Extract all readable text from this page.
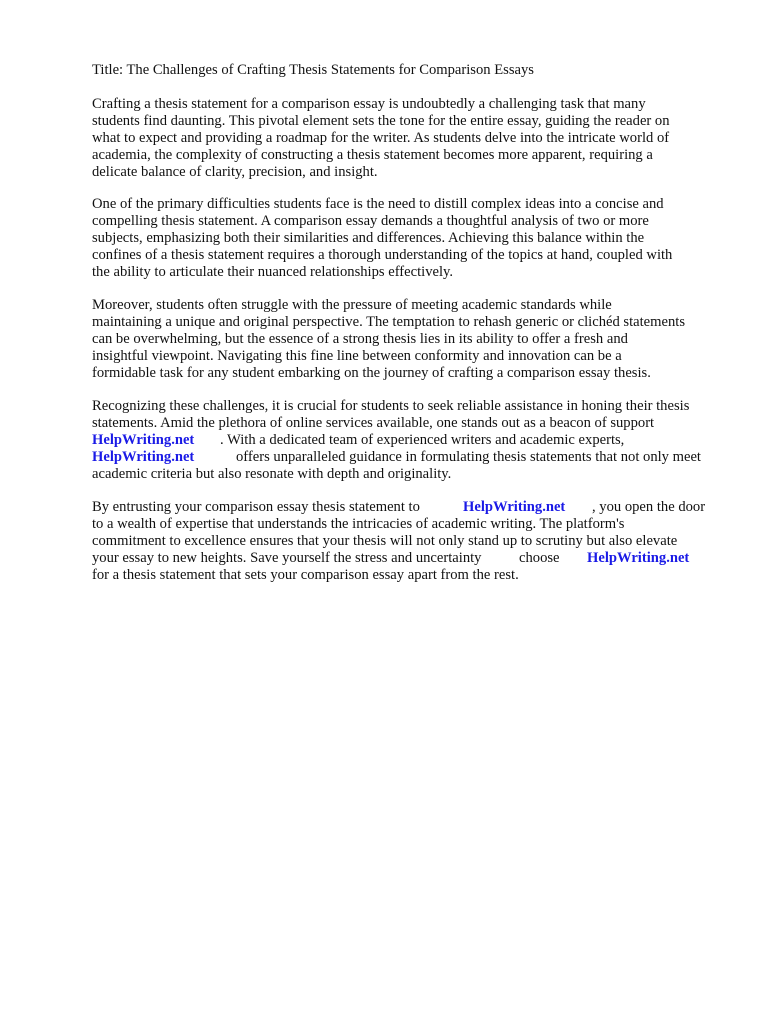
Title: The Challenges of Crafting Thesis Statements for Comparison Essays

Crafting a thesis statement for a comparison essay is undoubtedly a challenging task that many

students find daunting. This pivotal element sets the tone for the entire essay, guiding the reader on

what to expect and providing a roadmap for the writer. As students delve into the intricate world of

academia, the complexity of constructing a thesis statement becomes more apparent, requiring a

delicate balance of clarity, precision, and insight.

One of the primary difficulties students face is the need to distill complex ideas into a concise and

compelling thesis statement. A comparison essay demands a thoughtful analysis of two or more

subjects, emphasizing both their similarities and differences. Achieving this balance within the

confines of a thesis statement requires a thorough understanding of the topics at hand, coupled with

the ability to articulate their nuanced relationships effectively.

Moreover, students often struggle with the pressure of meeting academic standards while

maintaining a unique and original perspective. The temptation to rehash generic or clichéd statements

can be overwhelming, but the essence of a strong thesis lies in its ability to offer a fresh and

insightful viewpoint. Navigating this fine line between conformity and innovation can be a

formidable task for any student embarking on the journey of crafting a comparison essay thesis.

Recognizing these challenges, it is crucial for students to seek reliable assistance in honing their thesis

statements. Amid the plethora of online services available, one stands out as a beacon of support

HelpWriting.net . With a dedicated team of experienced writers and academic experts,

HelpWriting.net	offers unparalleled guidance in formulating thesis statements that not only meet

academic criteria but also resonate with depth and originality.

By entrusting your comparison essay thesis statement to	HelpWriting.net , you open the door

to a wealth of expertise that understands the intricacies of academic writing. The platform's

commitment to excellence ensures that your thesis will not only stand up to scrutiny but also elevate

your essay to new heights. Save yourself the stress and uncertainty	choose HelpWriting.net

for a thesis statement that sets your comparison essay apart from the rest.
